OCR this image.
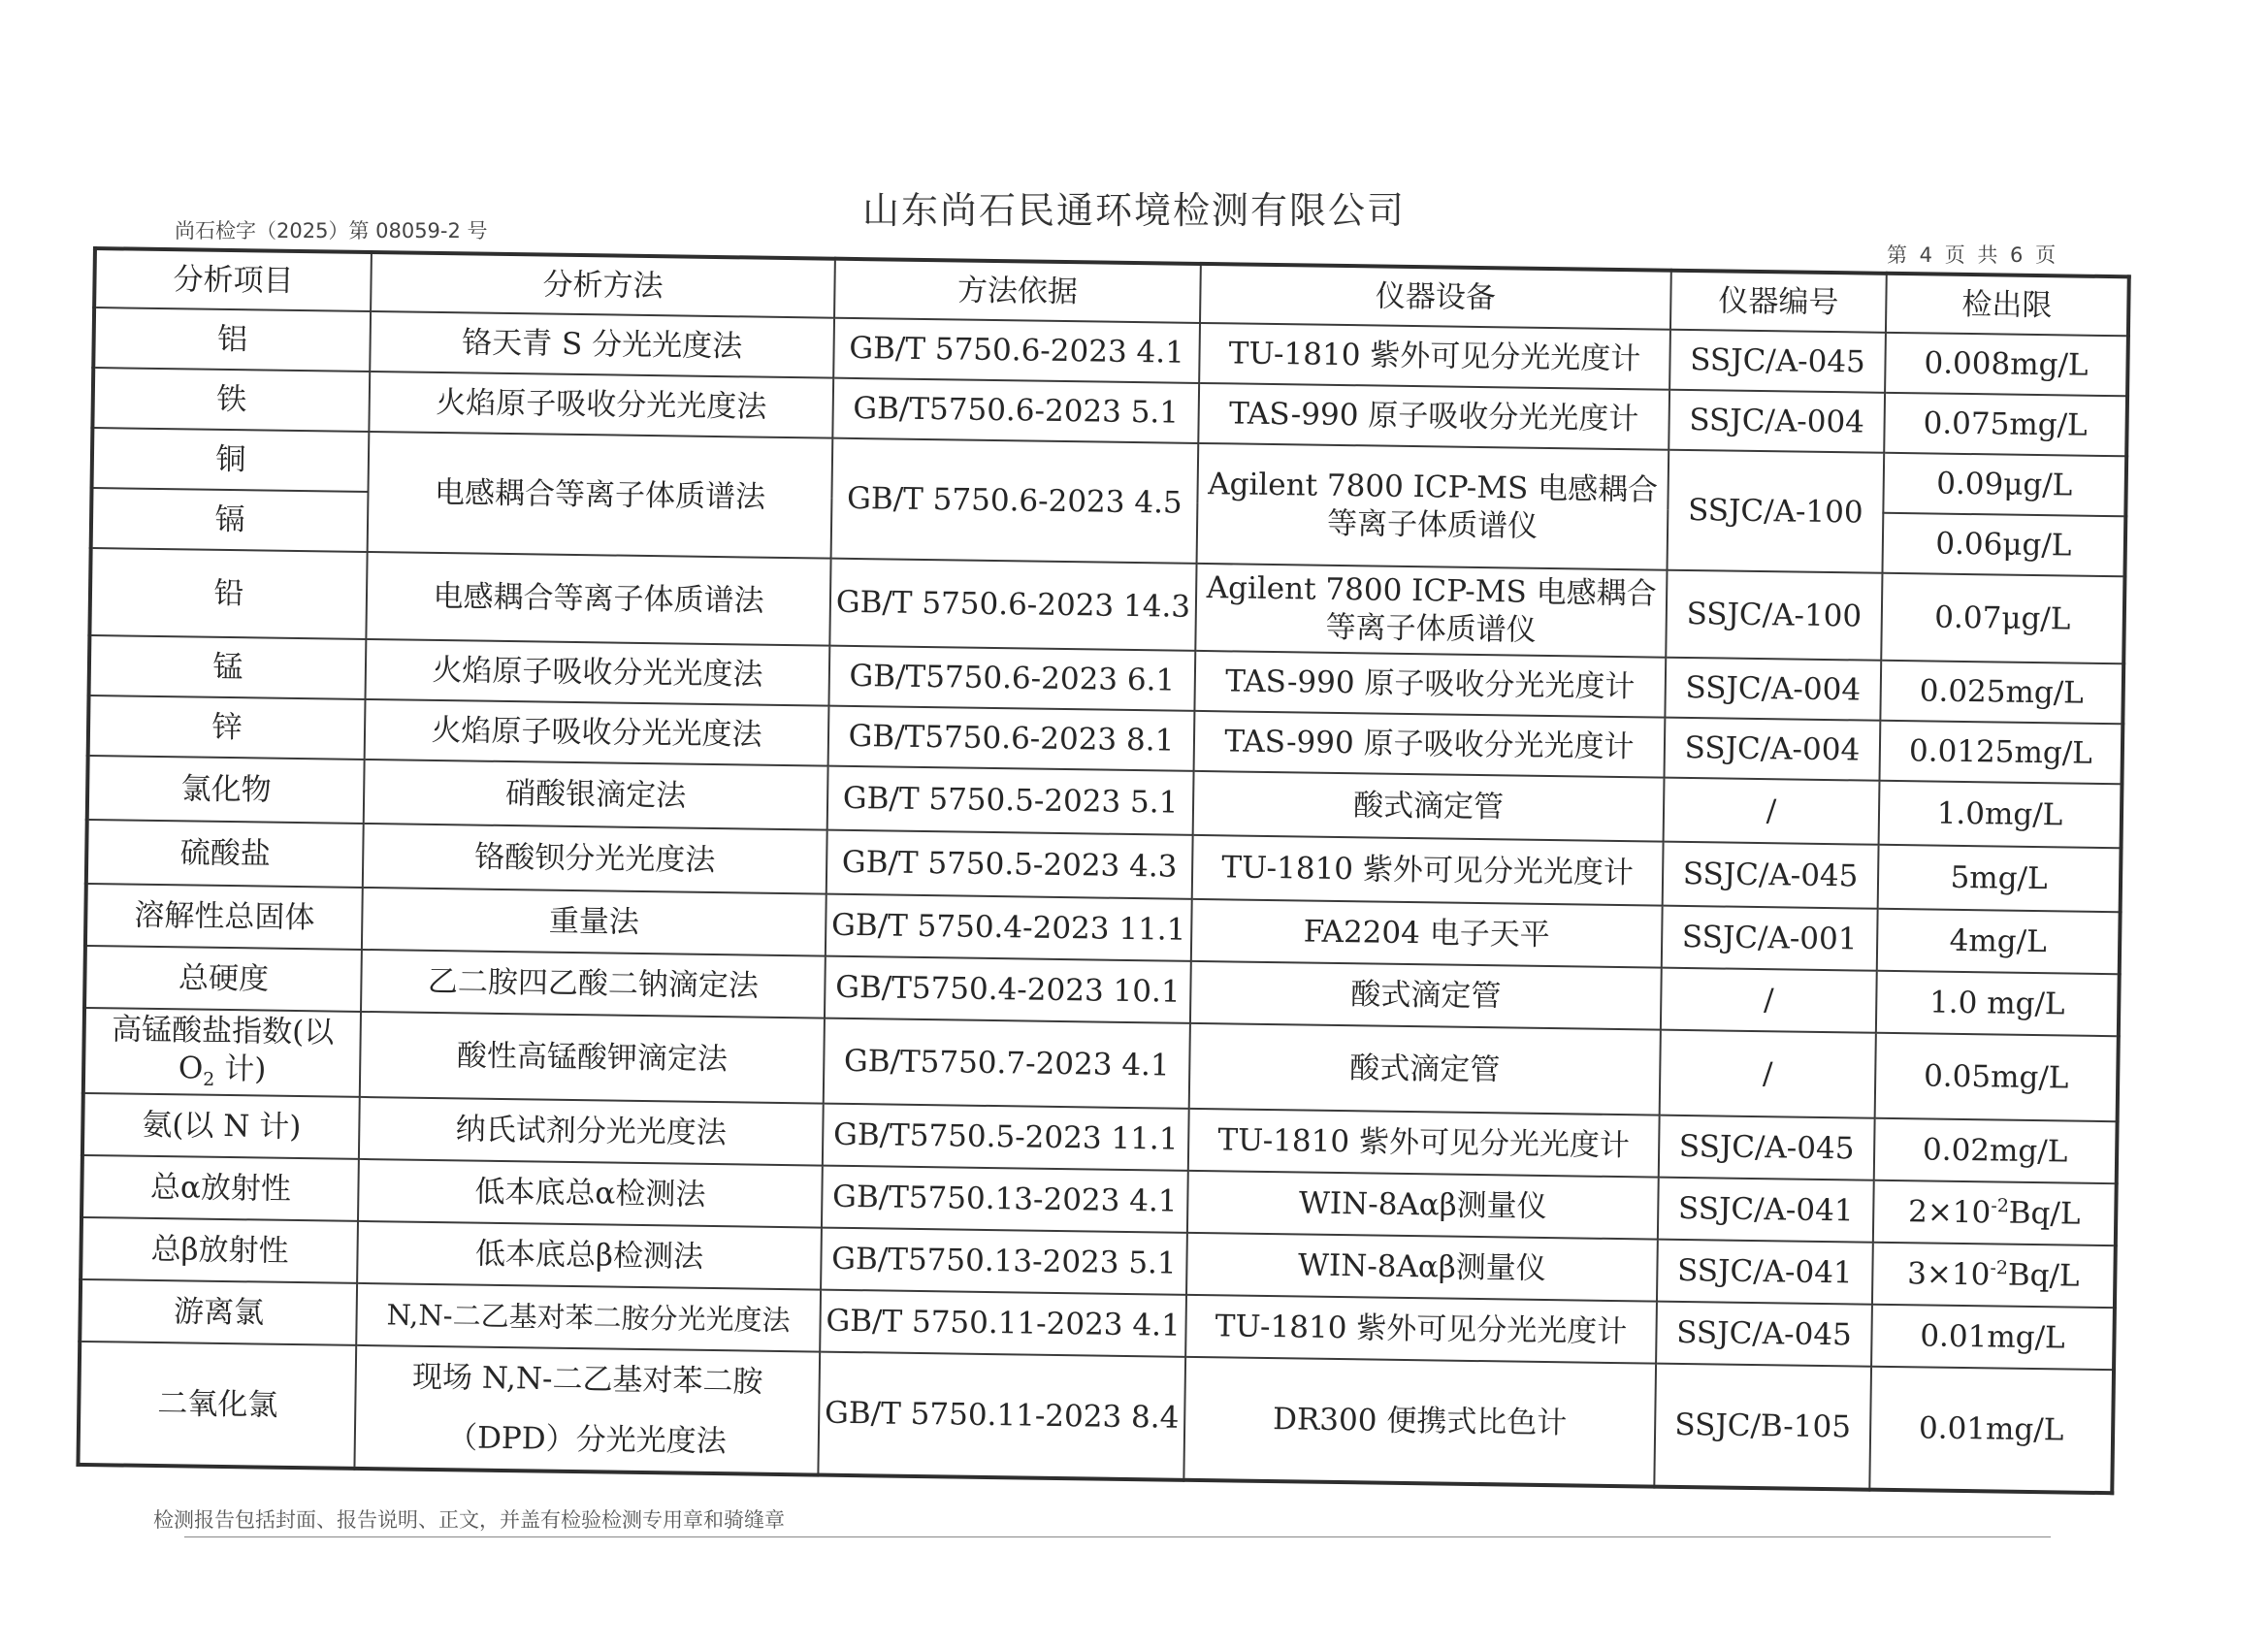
山东尚石民通环境检测有限公司
尚石检字（2025）第 08059-2 号
第 4 页 共 6 页
分析项目	分析方法	方法依据	仪器设备	仪器编号	检出限
铝	铬天青 S 分光光度法	GB/T 5750.6-2023 4.1	TU-1810 紫外可见分光光度计	SSJC/A-045	0.008mg/L
铁	火焰原子吸收分光光度法	GB/T5750.6-2023 5.1	TAS-990 原子吸收分光光度计	SSJC/A-004	0.075mg/L
铜	电感耦合等离子体质谱法	GB/T 5750.6-2023 4.5	Agilent 7800 ICP-MS 电感耦合
等离子体质谱仪	SSJC/A-100	0.09μg/L
镉					0.06μg/L
铅	电感耦合等离子体质谱法	GB/T 5750.6-2023 14.3	Agilent 7800 ICP-MS 电感耦合
等离子体质谱仪	SSJC/A-100	0.07μg/L
锰	火焰原子吸收分光光度法	GB/T5750.6-2023 6.1	TAS-990 原子吸收分光光度计	SSJC/A-004	0.025mg/L
锌	火焰原子吸收分光光度法	GB/T5750.6-2023 8.1	TAS-990 原子吸收分光光度计	SSJC/A-004	0.0125mg/L
氯化物	硝酸银滴定法	GB/T 5750.5-2023 5.1	酸式滴定管	/	1.0mg/L
硫酸盐	铬酸钡分光光度法	GB/T 5750.5-2023 4.3	TU-1810 紫外可见分光光度计	SSJC/A-045	5mg/L
溶解性总固体	重量法	GB/T 5750.4-2023 11.1	FA2204 电子天平	SSJC/A-001	4mg/L
总硬度	乙二胺四乙酸二钠滴定法	GB/T5750.4-2023 10.1	酸式滴定管	/	1.0 mg/L
高锰酸盐指数(以
$O_2$ 计)	酸性高锰酸钾滴定法	GB/T5750.7-2023 4.1	酸式滴定管	/	0.05mg/L
氨(以 N 计)	纳氏试剂分光光度法	GB/T5750.5-2023 11.1	TU-1810 紫外可见分光光度计	SSJC/A-045	0.02mg/L
总α放射性	低本底总α检测法	GB/T5750.13-2023 4.1	WIN-8Aαβ测量仪	SSJC/A-041	$2\times 10^{-2}Bq/L$
总β放射性	低本底总β检测法	GB/T5750.13-2023 5.1	WIN-8Aαβ测量仪	SSJC/A-041	$3\times 10^{-2}Bq/L$
游离氯	N,N-二乙基对苯二胺分光光度法	GB/T 5750.11-2023 4.1	TU-1810 紫外可见分光光度计	SSJC/A-045	0.01mg/L
二氧化氯	现场 N,N-二乙基对苯二胺
（DPD）分光光度法	GB/T 5750.11-2023 8.4	DR300 便携式比色计	SSJC/B-105	0.01mg/L
检测报告包括封面、报告说明、正文，并盖有检验检测专用章和骑缝章
